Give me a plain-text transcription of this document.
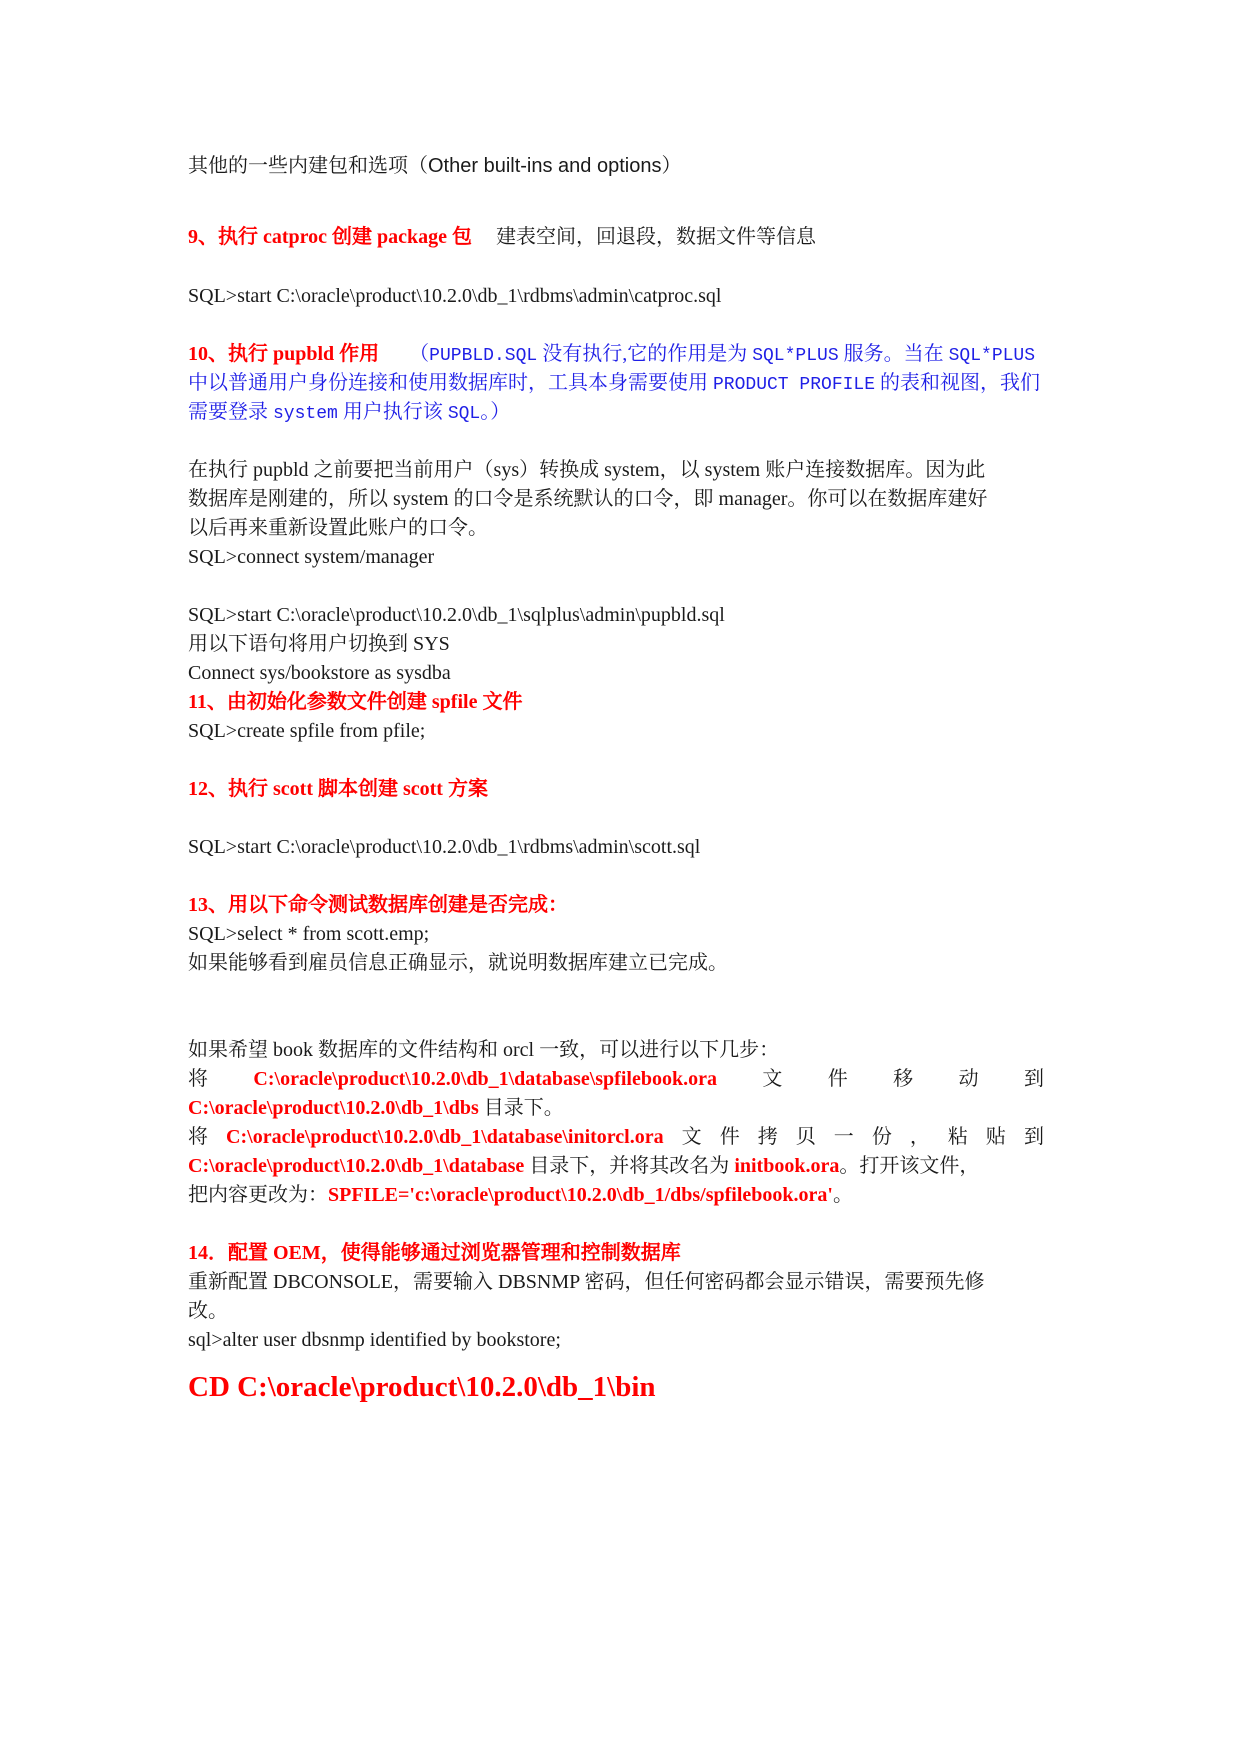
其他的一些内建包和选项（Other built-ins and options）

9、执行 catproc 创建 package 包 建表空间，回退段，数据文件等信息

SQL>start C:\oracle\product\10.2.0\db_1\rdbms\admin\catproc.sql

10、执行 pupbld 作用 （PUPBLD.SQL 没有执行,它的作用是为 SQL*PLUS 服务。当在 SQL*PLUS

中以普通用户身份连接和使用数据库时，工具本身需要使用 PRODUCT PROFILE 的表和视图，我们

需要登录 system 用户执行该 SQL。）

在执行 pupbld 之前要把当前用户（sys）转换成 system，以 system 账户连接数据库。因为此

数据库是刚建的，所以 system 的口令是系统默认的口令，即 manager。你可以在数据库建好

以后再来重新设置此账户的口令。

SQL>connect system/manager

SQL>start C:\oracle\product\10.2.0\db_1\sqlplus\admin\pupbld.sql

用以下语句将用户切换到 SYS

Connect sys/bookstore as sysdba

11、由初始化参数文件创建 spfile 文件

SQL>create spfile from pfile;

12、执行 scott 脚本创建 scott 方案

SQL>start C:\oracle\product\10.2.0\db_1\rdbms\admin\scott.sql

13、用以下命令测试数据库创建是否完成：

SQL>select * from scott.emp;

如果能够看到雇员信息正确显示，就说明数据库建立已完成。

如果希望 book 数据库的文件结构和 orcl 一致，可以进行以下几步：

将 C:\oracle\product\10.2.0\db_1\database\spfilebook.ora 文 件 移 动 到

C:\oracle\product\10.2.0\db_1\dbs 目录下。

将 C:\oracle\product\10.2.0\db_1\database\initorcl.ora 文 件 拷 贝 一 份 ， 粘 贴 到

C:\oracle\product\10.2.0\db_1\database 目录下，并将其改名为 initbook.ora。打开该文件，

把内容更改为：SPFILE='c:\oracle\product\10.2.0\db_1/dbs/spfilebook.ora'。

14．配置 OEM，使得能够通过浏览器管理和控制数据库

重新配置 DBCONSOLE，需要输入 DBSNMP 密码，但任何密码都会显示错误，需要预先修

改。

sql>alter user dbsnmp identified by bookstore;

CD C:\oracle\product\10.2.0\db_1\bin
